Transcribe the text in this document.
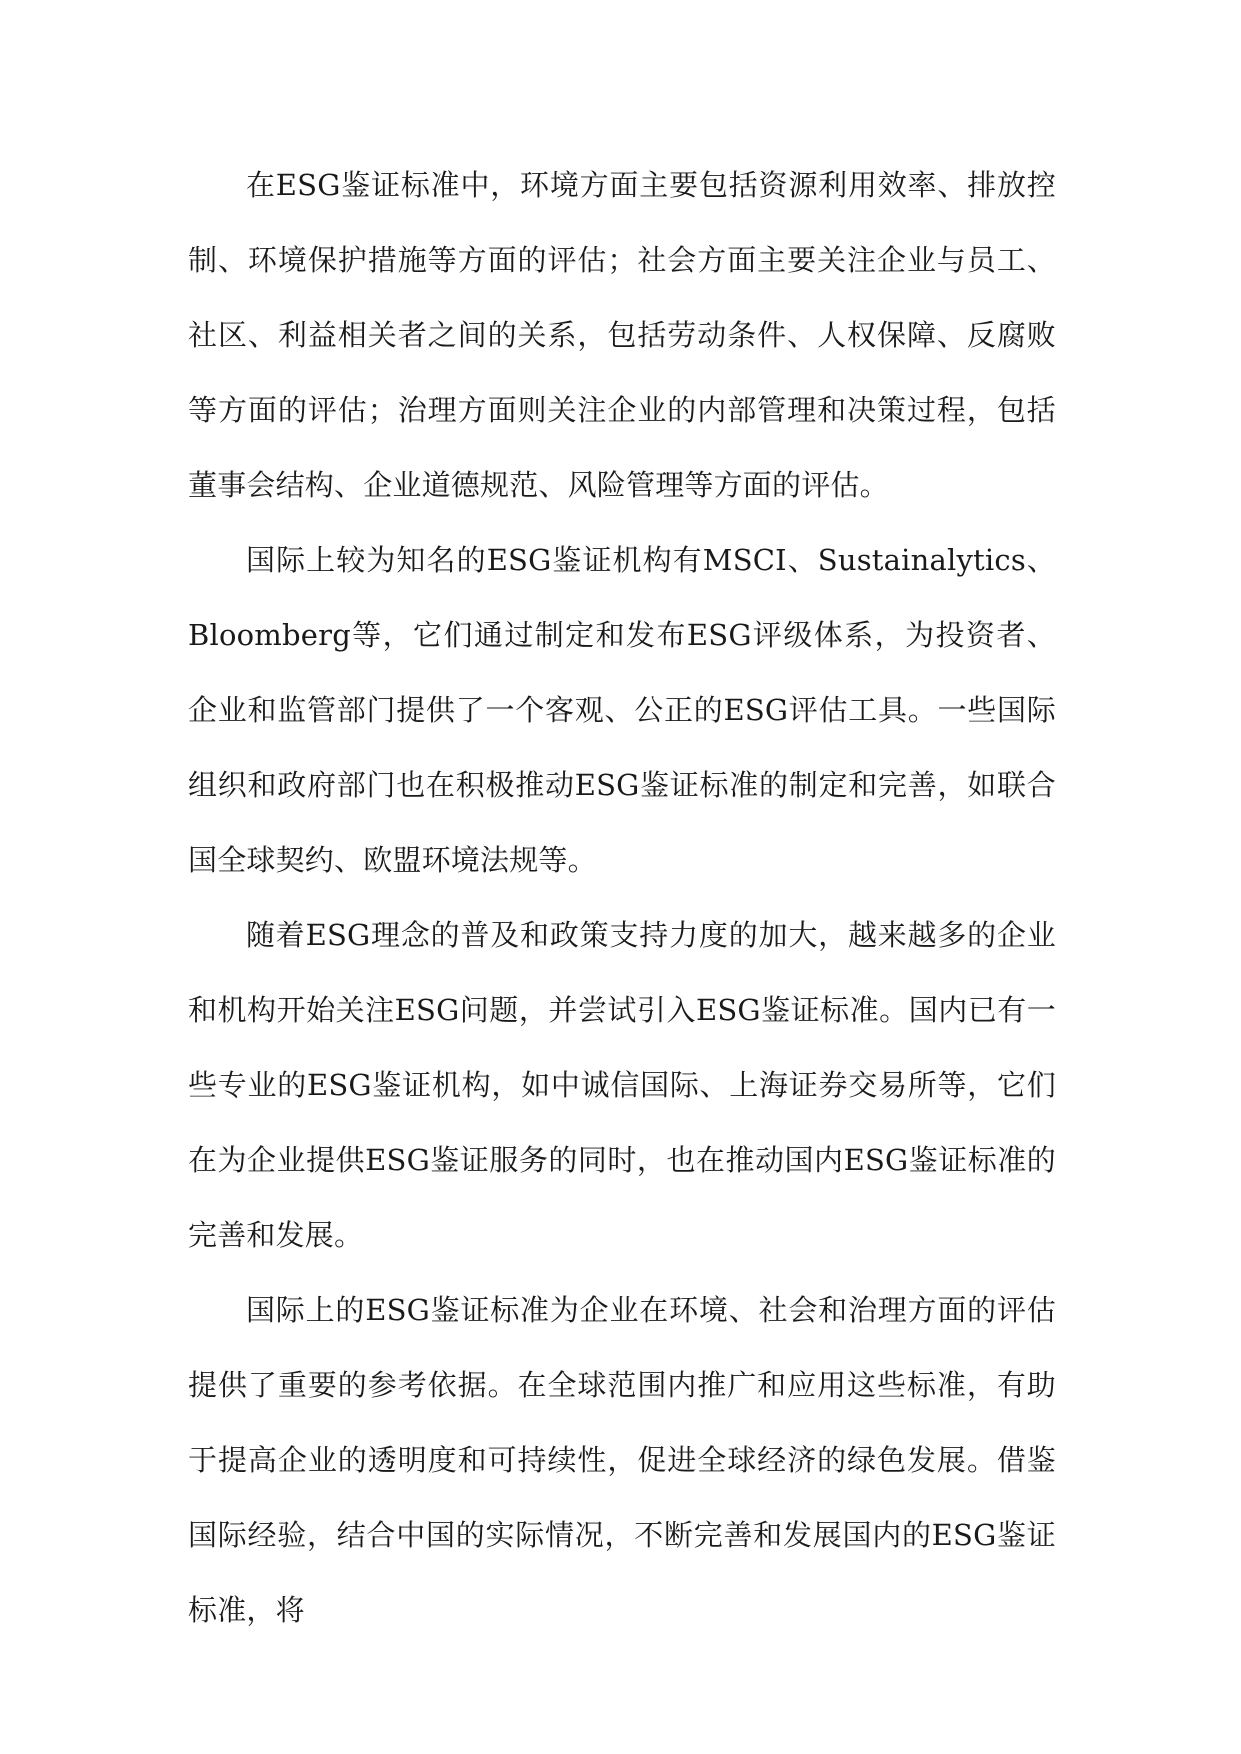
在ESG鉴证标准中，环境方面主要包括资源利用效率、排放控制、环境保护措施等方面的评估；社会方面主要关注企业与员工、社区、利益相关者之间的关系，包括劳动条件、人权保障、反腐败等方面的评估；治理方面则关注企业的内部管理和决策过程，包括董事会结构、企业道德规范、风险管理等方面的评估。

国际上较为知名的ESG鉴证机构有MSCI、Sustainalytics、Bloomberg等，它们通过制定和发布ESG评级体系，为投资者、企业和监管部门提供了一个客观、公正的ESG评估工具。一些国际组织和政府部门也在积极推动ESG鉴证标准的制定和完善，如联合国全球契约、欧盟环境法规等。

随着ESG理念的普及和政策支持力度的加大，越来越多的企业和机构开始关注ESG问题，并尝试引入ESG鉴证标准。国内已有一些专业的ESG鉴证机构，如中诚信国际、上海证券交易所等，它们在为企业提供ESG鉴证服务的同时，也在推动国内ESG鉴证标准的完善和发展。

国际上的ESG鉴证标准为企业在环境、社会和治理方面的评估提供了重要的参考依据。在全球范围内推广和应用这些标准，有助于提高企业的透明度和可持续性，促进全球经济的绿色发展。借鉴国际经验，结合中国的实际情况，不断完善和发展国内的ESG鉴证标准，将
